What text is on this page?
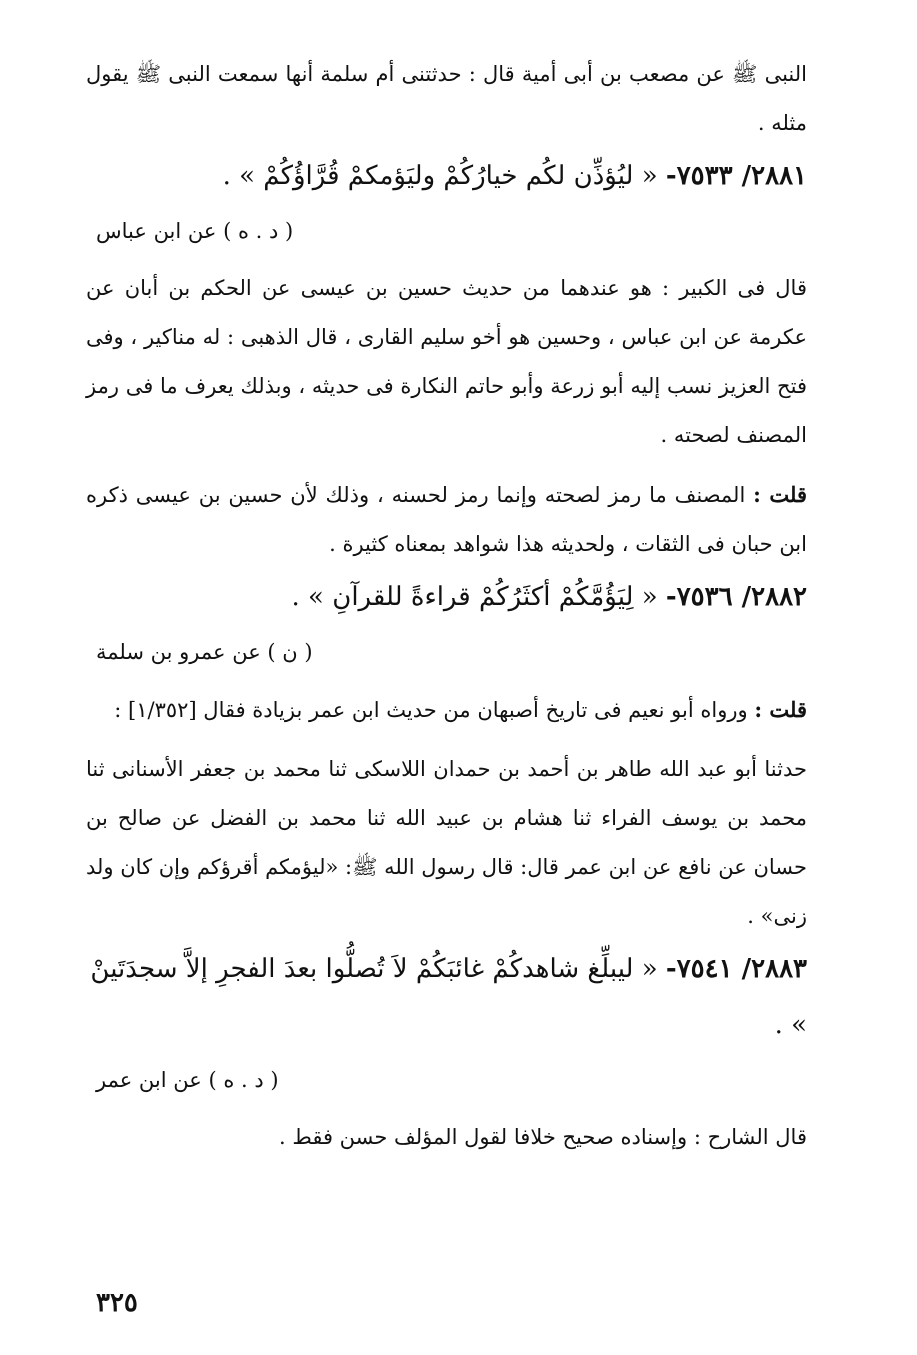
النبى ﷺ عن مصعب بن أبى أمية قال : حدثتنى أم سلمة أنها سمعت النبى ﷺ يقول مثله .

٢٨٨١/ ٧٥٣٣- « ليُؤذِّن لكُم خيارُكُمْ وليَؤمكمْ قُرَّاؤُكُمْ » .

( د . ه ) عن ابن عباس

قال فى الكبير : هو عندهما من حديث حسين بن عيسى عن الحكم بن أبان عن عكرمة عن ابن عباس ، وحسين هو أخو سليم القارى ، قال الذهبى : له مناكير ، وفى فتح العزيز نسب إليه أبو زرعة وأبو حاتم النكارة فى حديثه ، وبذلك يعرف ما فى رمز المصنف لصحته .

قلت : المصنف ما رمز لصحته وإنما رمز لحسنه ، وذلك لأن حسين بن عيسى ذكره ابن حبان فى الثقات ، ولحديثه هذا شواهد بمعناه كثيرة .

٢٨٨٢/ ٧٥٣٦- « لِيَؤُمَّكُمْ أكثَرُكُمْ قراءةً للقرآنِ » .

( ن ) عن عمرو بن سلمة

قلت : ورواه أبو نعيم فى تاريخ أصبهان من حديث ابن عمر بزيادة فقال [١/٣٥٢] :

حدثنا أبو عبد الله طاهر بن أحمد بن حمدان اللاسكى ثنا محمد بن جعفر الأسنانى ثنا محمد بن يوسف الفراء ثنا هشام بن عبيد الله ثنا محمد بن الفضل عن صالح بن حسان عن نافع عن ابن عمر قال: قال رسول الله ﷺ: «ليؤمكم أقرؤكم وإن كان ولد زنى» .

٢٨٨٣/ ٧٥٤١- « ليبلِّغ شاهدكُمْ غائبَكُمْ لاَ تُصلُّوا بعدَ الفجرِ إلاَّ سجدَتَينْ » .

( د . ه ) عن ابن عمر

قال الشارح : وإسناده صحيح خلافا لقول المؤلف حسن فقط .

٣٢٥
